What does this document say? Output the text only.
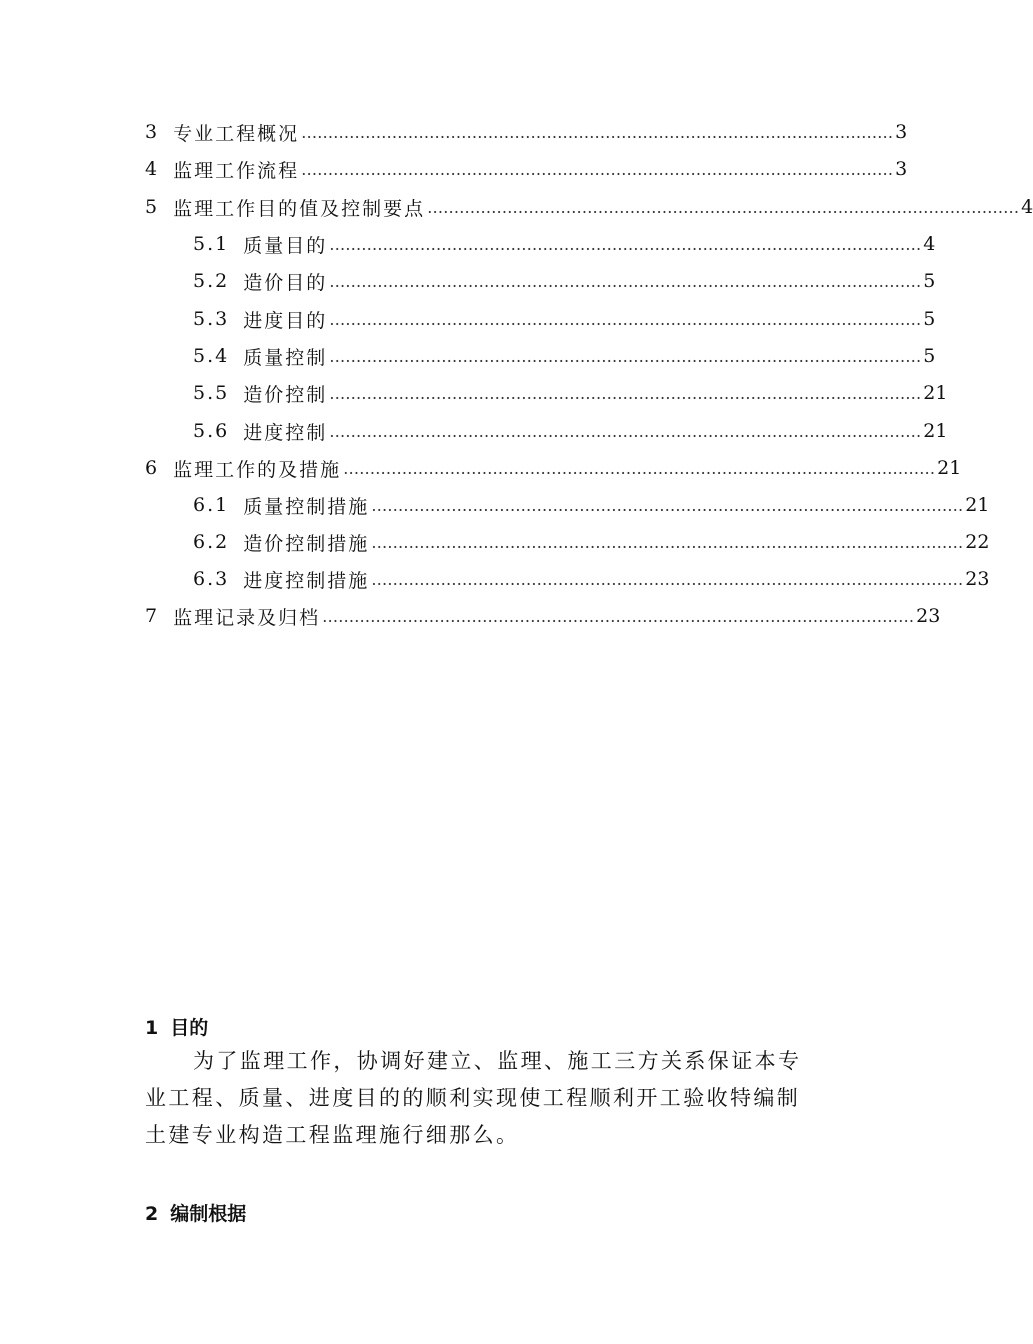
3 专业工程概况 ………………………………………………………………………………………………… 3
4 监理工作流程 ………………………………………………………………………………………………… 3
5 监理工作目的值及控制要点 ………………………………………………………………………………………………… 4
5.1 质量目的 ………………………………………………………………………………………………… 4
5.2 造价目的 ………………………………………………………………………………………………… 5
5.3 进度目的 ………………………………………………………………………………………………… 5
5.4 质量控制 ………………………………………………………………………………………………… 5
5.5 造价控制 ………………………………………………………………………………………………… 21
5.6 进度控制 ………………………………………………………………………………………………… 21
6 监理工作的及措施 ………………………………………………………………………………………………… 21
6.1 质量控制措施 ………………………………………………………………………………………………… 21
6.2 造价控制措施 ………………………………………………………………………………………………… 22
6.3 进度控制措施 ………………………………………………………………………………………………… 23
7 监理记录及归档 ………………………………………………………………………………………………… 23
1 目的

为了监理工作，协调好建立、监理、施工三方关系保证本专业工程、质量、进度目的的顺利实现使工程顺利开工验收特编制土建专业构造工程监理施行细那么。

2 编制根据
